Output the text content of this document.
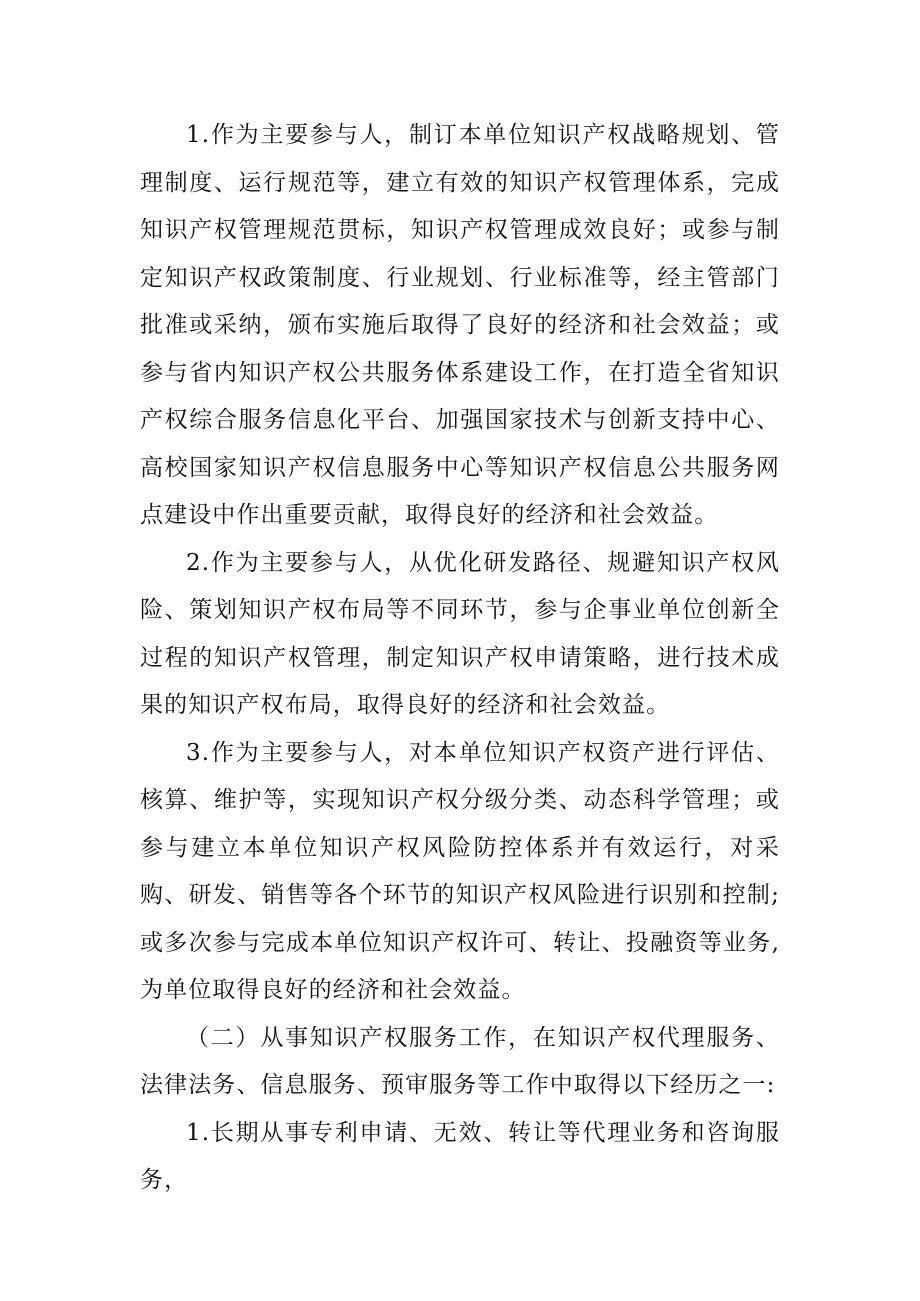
1.作为主要参与人，制订本单位知识产权战略规划、管理制度、运行规范等，建立有效的知识产权管理体系，完成知识产权管理规范贯标，知识产权管理成效良好；或参与制定知识产权政策制度、行业规划、行业标准等，经主管部门批准或采纳，颁布实施后取得了良好的经济和社会效益；或参与省内知识产权公共服务体系建设工作，在打造全省知识产权综合服务信息化平台、加强国家技术与创新支持中心、高校国家知识产权信息服务中心等知识产权信息公共服务网点建设中作出重要贡献，取得良好的经济和社会效益。

2.作为主要参与人，从优化研发路径、规避知识产权风险、策划知识产权布局等不同环节，参与企事业单位创新全过程的知识产权管理，制定知识产权申请策略，进行技术成果的知识产权布局，取得良好的经济和社会效益。

3.作为主要参与人，对本单位知识产权资产进行评估、核算、维护等，实现知识产权分级分类、动态科学管理；或参与建立本单位知识产权风险防控体系并有效运行，对采购、研发、销售等各个环节的知识产权风险进行识别和控制;或多次参与完成本单位知识产权许可、转让、投融资等业务,为单位取得良好的经济和社会效益。

（二）从事知识产权服务工作，在知识产权代理服务、法律法务、信息服务、预审服务等工作中取得以下经历之一:

1.长期从事专利申请、无效、转让等代理业务和咨询服务，
